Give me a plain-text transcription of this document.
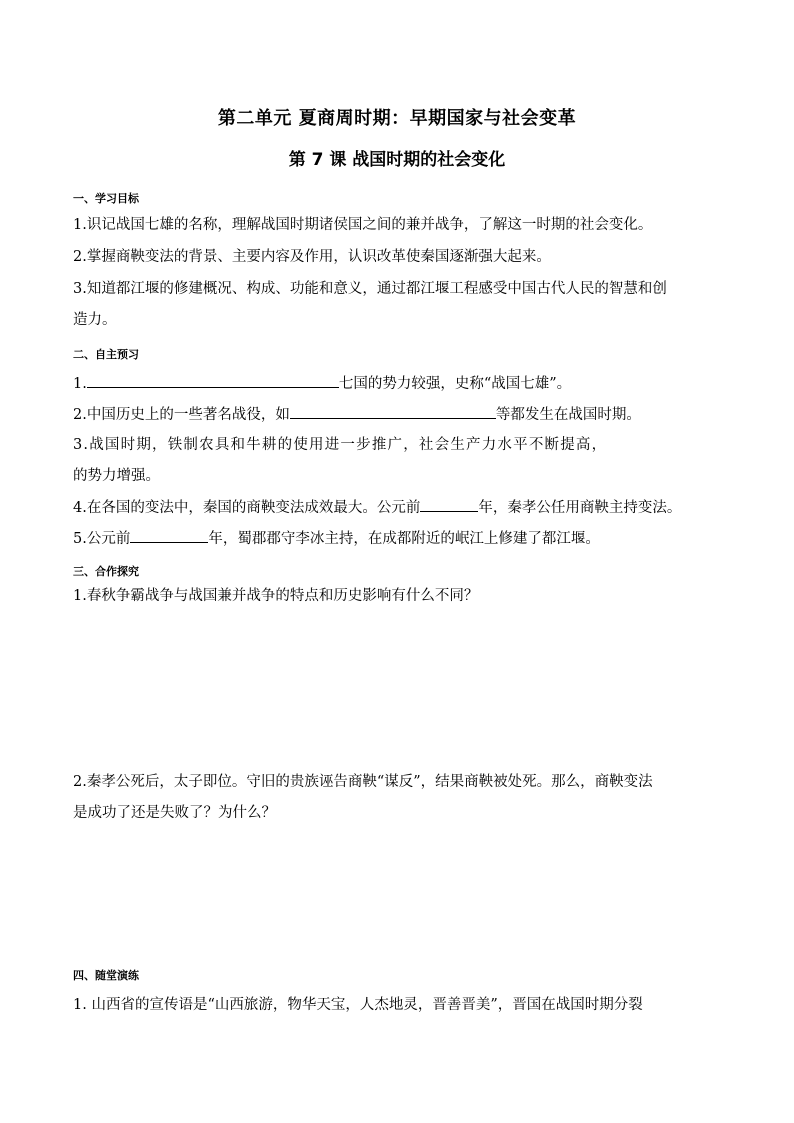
第二单元 夏商周时期：早期国家与社会变革
第 7 课 战国时期的社会变化
一、学习目标
1.识记战国七雄的名称，理解战国时期诸侯国之间的兼并战争，了解这一时期的社会变化。
2.掌握商鞅变法的背景、主要内容及作用，认识改革使秦国逐渐强大起来。
3.知道都江堰的修建概况、构成、功能和意义，通过都江堰工程感受中国古代人民的智慧和创
造力。
二、自主预习
1.	七国的势力较强，史称“战国七雄”。
2.中国历史上的一些著名战役，如	等都发生在战国时期。
3.战国时期，铁制农具和牛耕的使用进一步推广，社会生产力水平不断提高，
的势力增强。
4.在各国的变法中，秦国的商鞅变法成效最大。公元前	年，秦孝公任用商鞅主持变法。
5.公元前	年，蜀郡郡守李冰主持，在成都附近的岷江上修建了都江堰。
三、合作探究
1.春秋争霸战争与战国兼并战争的特点和历史影响有什么不同？
2.秦孝公死后，太子即位。守旧的贵族诬告商鞅“谋反”，结果商鞅被处死。那么，商鞅变法
是成功了还是失败了？为什么？
四、随堂演练
1. 山西省的宣传语是“山西旅游，物华天宝，人杰地灵，晋善晋美”，晋国在战国时期分裂
